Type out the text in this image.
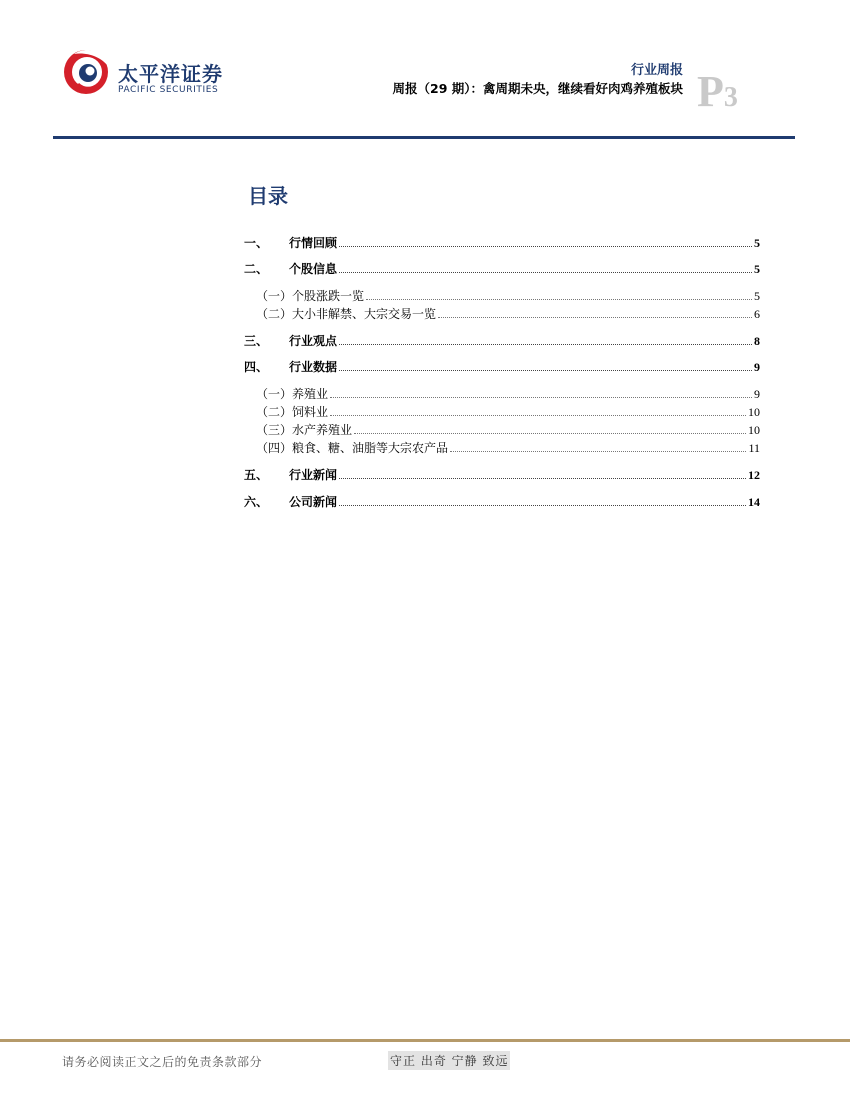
太平洋证券
PACIFIC SECURITIES
行业周报
周报（29 期）：禽周期未央，继续看好肉鸡养殖板块 P3
目录
一、	行情回顾	5
二、	个股信息	5
（一）个股涨跌一览	5
（二）大小非解禁、大宗交易一览	6
三、	行业观点	8
四、	行业数据	9
（一）养殖业	9
（二）饲料业	10
（三）水产养殖业	10
（四）粮食、糖、油脂等大宗农产品	11
五、	行业新闻	12
六、	公司新闻	14
请务必阅读正文之后的免责条款部分	守正 出奇 宁静 致远
